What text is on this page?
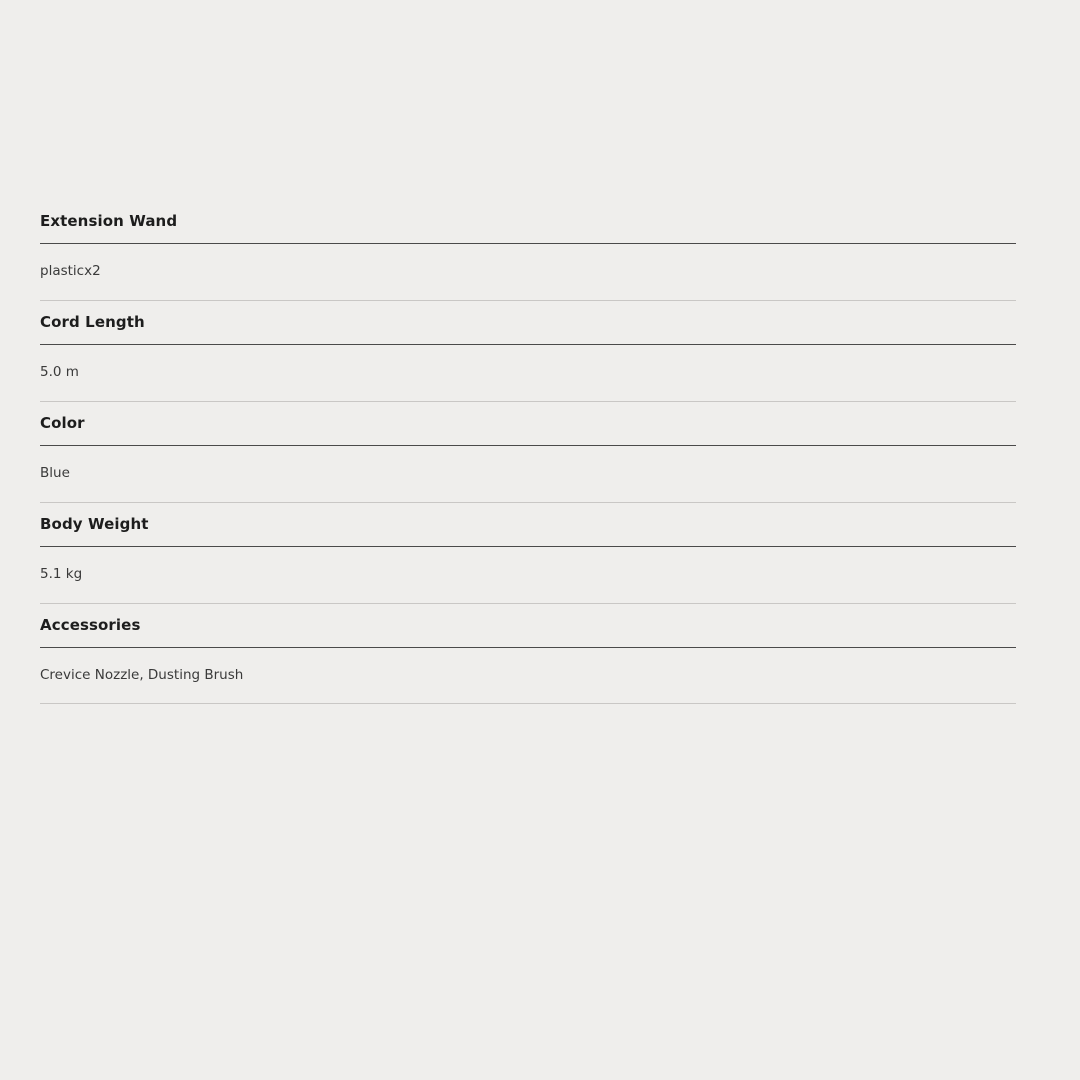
Extension Wand
plasticx2
Cord Length
5.0 m
Color
Blue
Body Weight
5.1 kg
Accessories
Crevice Nozzle, Dusting Brush
